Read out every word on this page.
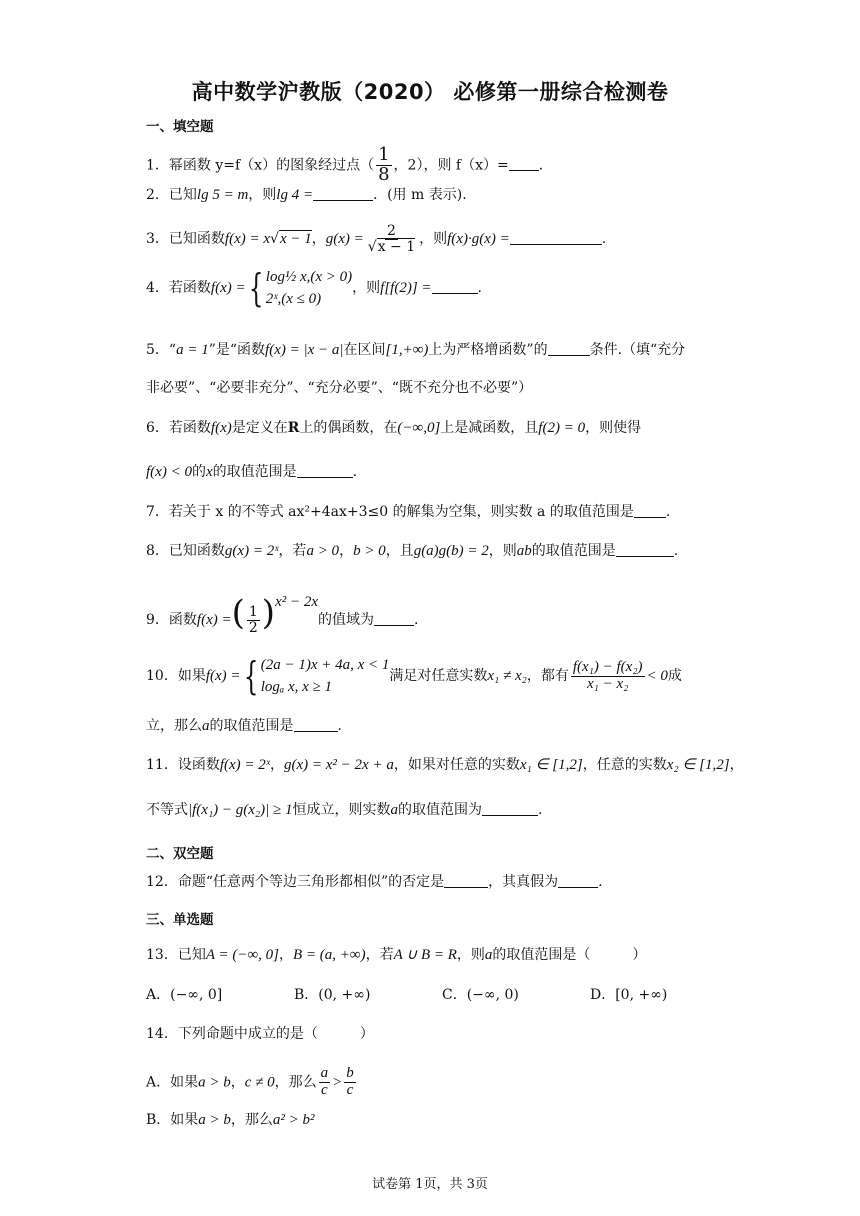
高中数学沪教版（2020） 必修第一册综合检测卷
一、填空题
1．幂函数 y=f（x）的图象经过点（ $\frac{1}{8}$ ，2），则 f（x）= .
2．已知lg 5 = m，则lg 4 =	．(用 m 表示).
3．已知函数f(x) = x√x − 1，$g(x) = \frac{2}{√x - 1}$ ，则f(x)·g(x) =	.
4．若函数f(x) = { log½ x,(x > 0)
2ˣ,(x ≤ 0)
，则f[f(2)] =	.
5．“a = 1”是“函数f(x) = |x − a|在区间[1,+∞)上为严格增函数”的	条件.（填“充分
非必要”、“必要非充分”、“充分必要”、“既不充分也不必要”）
6．若函数f(x)是定义在R上的偶函数，在(−∞,0]上是减函数，且f(2) = 0，则使得
f(x) < 0的x的取值范围是	.
7．若关于 x 的不等式 ax²+4ax+3≤0 的解集为空集，则实数 a 的取值范围是 .
8．已知函数g(x) = 2ˣ，若a > 0，b > 0，且g(a)g(b) = 2，则ab的取值范围是	.
9．函数f(x) =( $\frac{1}{2} )^{x^2 - 2x}$的值域为	.
10．如果f(x) = { (2a − 1)x + 4a, x < 1
logₐ x, x ≥ 1
满足对任意实数x₁ ≠ x₂，都有 $\frac{\text{f(x₁) − f(x₂)}}{\text{x₁ − x₂}} < 0$成
立，那么a的取值范围是	.
11．设函数f(x) = 2ˣ，g(x) = x² − 2x + a，如果对任意的实数x₁ ∈ [1,2]，任意的实数x₂ ∈ [1,2]，
不等式|f(x₁) − g(x₂)| ≥ 1恒成立，则实数a的取值范围为	.
二、双空题
12．命题“任意两个等边三角形都相似”的否定是	，其真假为	.
三、单选题
13．已知A = (−∞, 0]，B = (a, +∞)，若A ∪ B = R，则a的取值范围是（　　　）
A．(−∞, 0]	B．(0, +∞)	C．(−∞, 0)	D．[0, +∞)
14．下列命题中成立的是（　　　）
A．如果a > b，c ≠ 0，那么 $\frac{a}{c} > \frac{b}{c}$
B．如果a > b，那么a² > b²
试卷第 1页，共 3页
